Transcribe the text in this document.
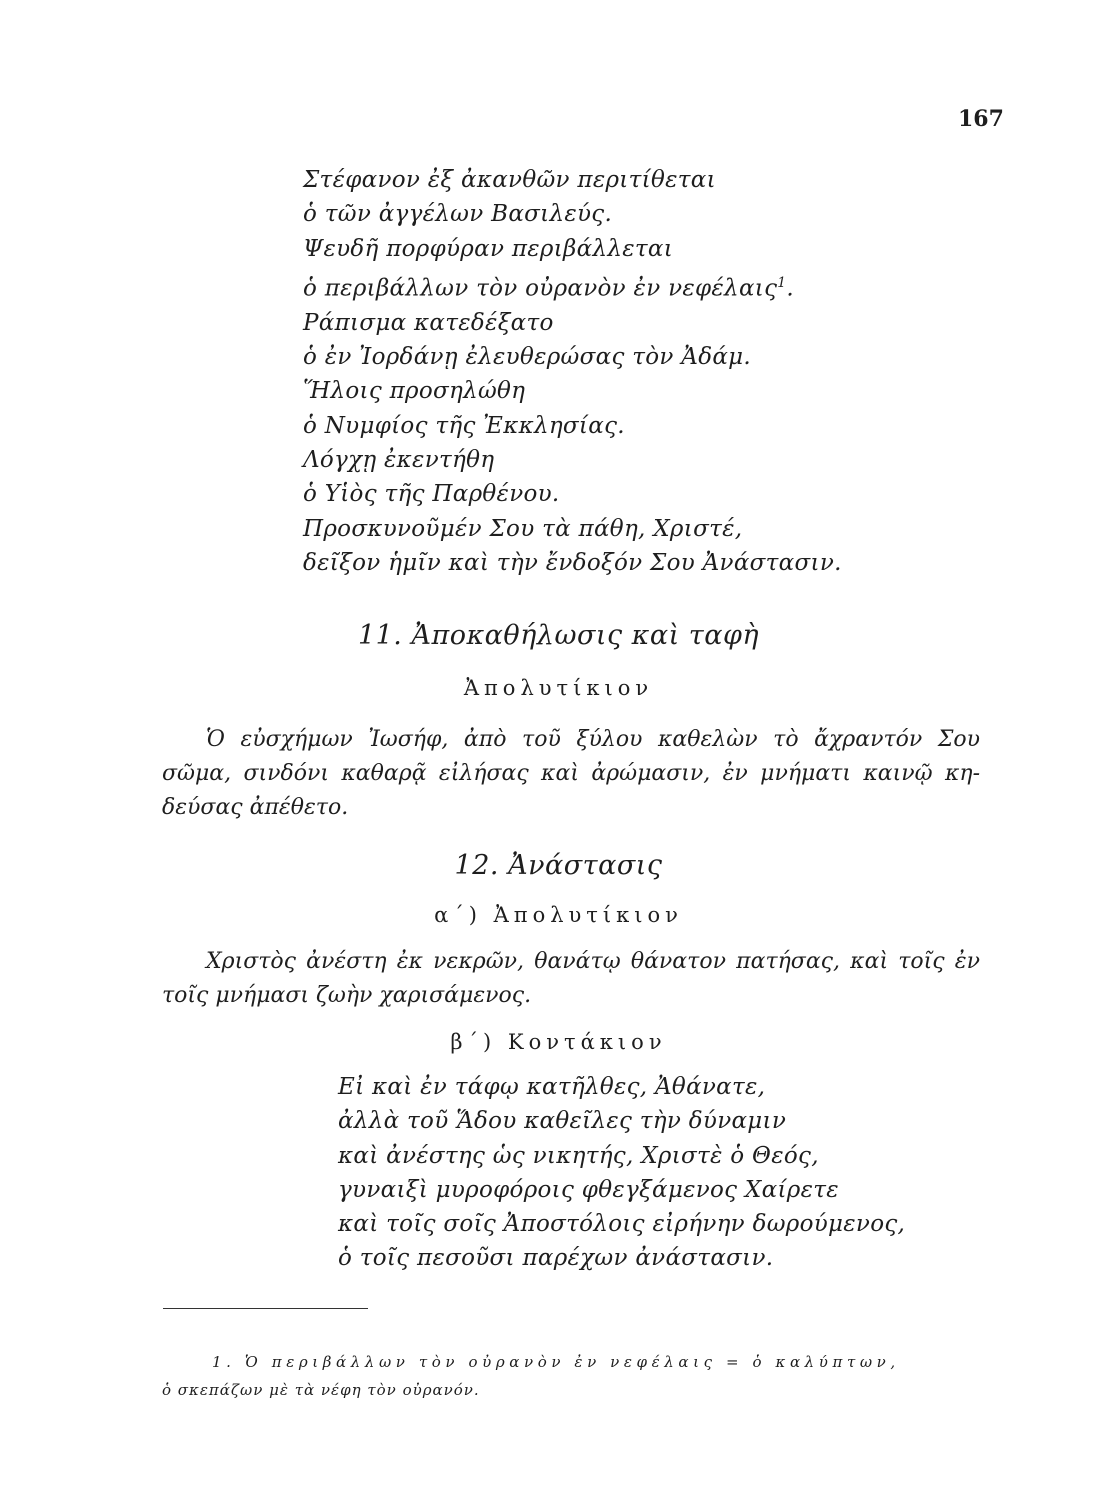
167
Στέφανον ἐξ ἀκανθῶν περιτίθεται
ὁ τῶν ἀγγέλων Βασιλεύς.
Ψευδῆ πορφύραν περιβάλλεται
ὁ περιβάλλων τὸν οὐρανὸν ἐν νεφέλαις$^1$.
Ράπισμα κατεδέξατο
ὁ ἐν Ἰορδάνῃ ἐλευθερώσας τὸν Ἀδάμ.
Ἥλοις προσηλώθη
ὁ Νυμφίος τῆς Ἐκκλησίας.
Λόγχῃ ἐκεντήθη
ὁ Υἱὸς τῆς Παρθένου.
Προσκυνοῦμέν Σου τὰ πάθη, Χριστέ,
δεῖξον ἡμῖν καὶ τὴν ἔνδοξόν Σου Ἀνάστασιν.
11. Ἀποκαθήλωσις καὶ ταφὴ
Ἀπολυτίκιον
Ὁ εὐσχήμων Ἰωσήφ, ἀπὸ τοῦ ξύλου καθελὼν τὸ ἄχραντόν Σου
σῶμα, σινδόνι καθαρᾷ εἰλήσας καὶ ἀρώμασιν, ἐν μνήματι καινῷ κη-
δεύσας ἀπέθετο.
12. Ἀνάστασις
α΄) Ἀπολυτίκιον
Χριστὸς ἀνέστη ἐκ νεκρῶν, θανάτῳ θάνατον πατήσας, καὶ τοῖς ἐν
τοῖς μνήμασι ζωὴν χαρισάμενος.
β΄) Κοντάκιον
Εἰ καὶ ἐν τάφῳ κατῆλθες, Ἀθάνατε,
ἀλλὰ τοῦ Ἅδου καθεῖλες τὴν δύναμιν
καὶ ἀνέστης ὡς νικητής, Χριστὲ ὁ Θεός,
γυναιξὶ μυροφόροις φθεγξάμενος Χαίρετε
καὶ τοῖς σοῖς Ἀποστόλοις εἰρήνην δωρούμενος,
ὁ τοῖς πεσοῦσι παρέχων ἀνάστασιν.
1. Ὁ περιβάλλων τὸν οὐρανὸν ἐν νεφέλαις = ὁ καλύπτων,
ὁ σκεπάζων μὲ τὰ νέφη τὸν οὐρανόν.
